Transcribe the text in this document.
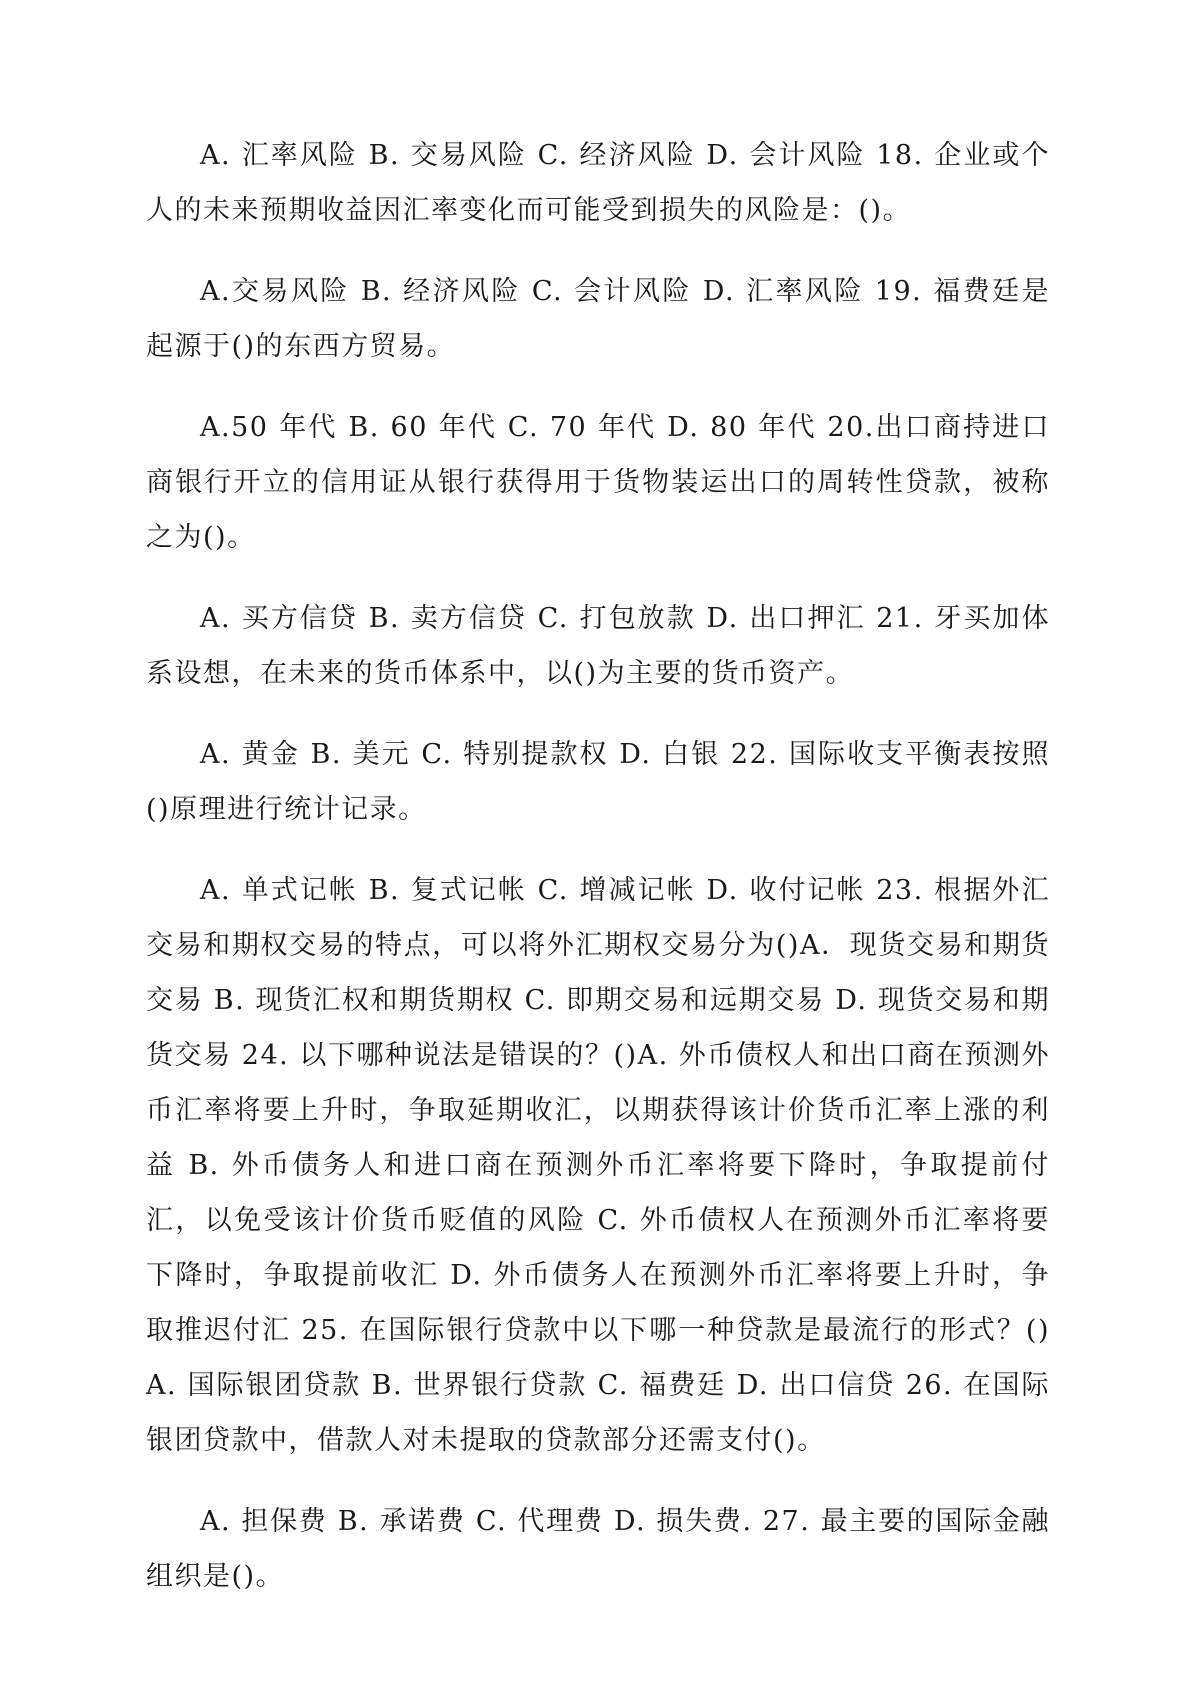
A. 汇率风险 B. 交易风险 C. 经济风险 D. 会计风险 18. 企业或个人的未来预期收益因汇率变化而可能受到损失的风险是：()。

A.交易风险 B. 经济风险 C. 会计风险 D. 汇率风险 19. 福费廷是起源于()的东西方贸易。

A.50 年代 B. 60 年代 C. 70 年代 D. 80 年代 20.出口商持进口商银行开立的信用证从银行获得用于货物装运出口的周转性贷款，被称之为()。

A. 买方信贷 B. 卖方信贷 C. 打包放款 D. 出口押汇 21. 牙买加体系设想，在未来的货币体系中，以()为主要的货币资产。

A. 黄金 B. 美元 C. 特别提款权 D. 白银 22. 国际收支平衡表按照()原理进行统计记录。

A. 单式记帐 B. 复式记帐 C. 增减记帐 D. 收付记帐 23. 根据外汇交易和期权交易的特点，可以将外汇期权交易分为()A．现货交易和期货交易 B. 现货汇权和期货期权 C. 即期交易和远期交易 D. 现货交易和期货交易 24. 以下哪种说法是错误的？()A. 外币债权人和出口商在预测外币汇率将要上升时，争取延期收汇，以期获得该计价货币汇率上涨的利益 B. 外币债务人和进口商在预测外币汇率将要下降时，争取提前付汇，以免受该计价货币贬值的风险 C. 外币债权人在预测外币汇率将要下降时，争取提前收汇 D. 外币债务人在预测外币汇率将要上升时，争取推迟付汇 25. 在国际银行贷款中以下哪一种贷款是最流行的形式？()A. 国际银团贷款 B. 世界银行贷款 C. 福费廷 D. 出口信贷 26. 在国际银团贷款中，借款人对未提取的贷款部分还需支付()。

A. 担保费 B. 承诺费 C. 代理费 D. 损失费. 27. 最主要的国际金融组织是()。
